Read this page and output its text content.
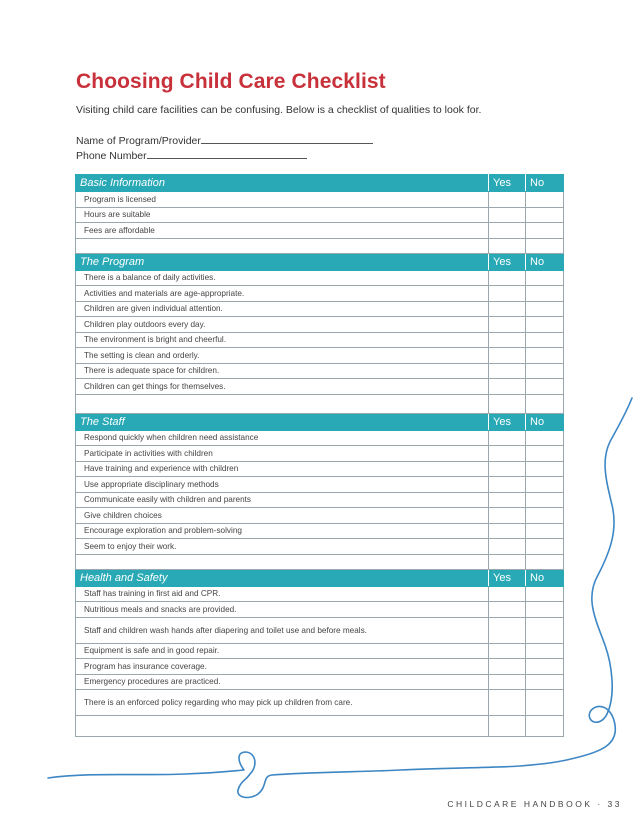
Choosing Child Care Checklist
Visiting child care facilities can be confusing. Below is a checklist of qualities to look for.
Name of Program/Provider
Phone Number
Basic Information	Yes	No
Program is licensed		
Hours are suitable		
Fees are affordable		

The Program	Yes	No
There is a balance of daily activities.		
Activities and materials are age-appropriate.		
Children are given individual attention.		
Children play outdoors every day.		
The environment is bright and cheerful.		
The setting is clean and orderly.		
There is adequate space for children.		
Children can get things for themselves.		

The Staff	Yes	No
Respond quickly when children need assistance		
Participate in activities with children		
Have training and experience with children		
Use appropriate disciplinary methods		
Communicate easily with children and parents		
Give children choices		
Encourage exploration and problem-solving		
Seem to enjoy their work.		

Health and Safety	Yes	No
Staff has training in first aid and CPR.		
Nutritious meals and snacks are provided.		
Staff and children wash hands after diapering and toilet use and before meals.		
Equipment is safe and in good repair.		
Program has insurance coverage.		
Emergency procedures are practiced.		
There is an enforced policy regarding who may pick up children from care.		

CHILDCARE HANDBOOK · 33
